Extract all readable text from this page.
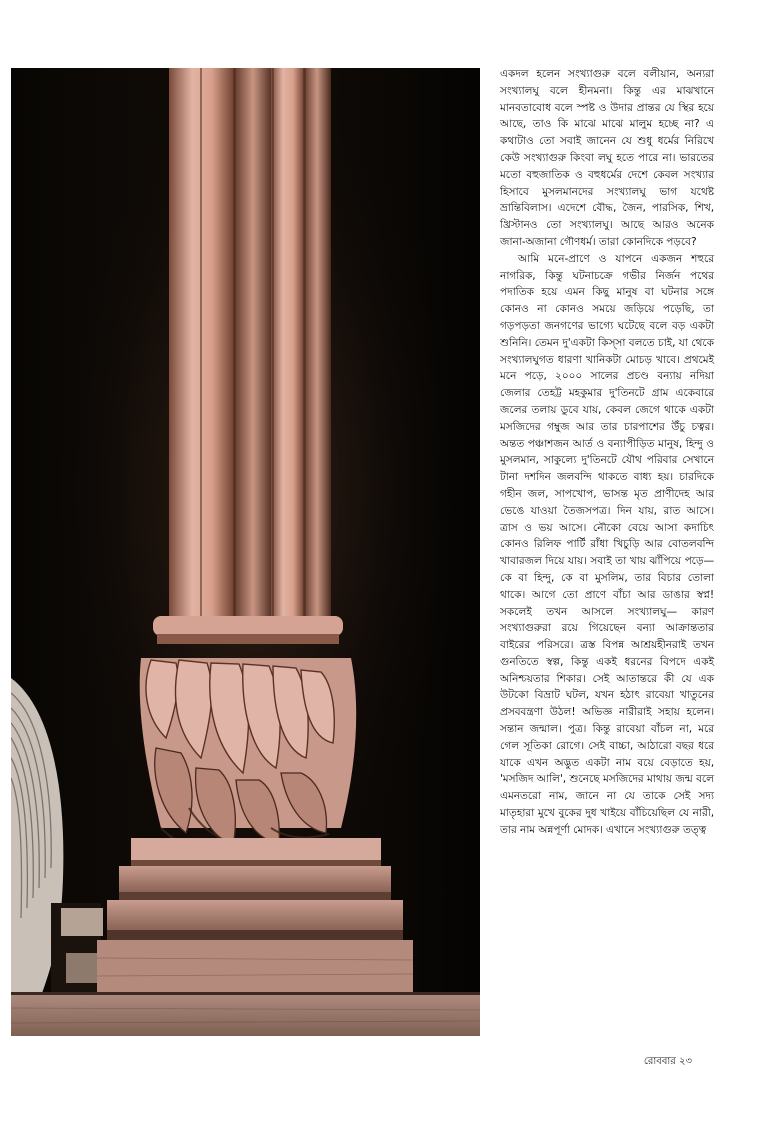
একদল হলেন সংখ্যাগুরু বলে বলীয়ান, অন্যরা সংখ্যালঘু বলে হীনমনা। কিন্তু এর মাঝখানে মানবতাবোধ বলে স্পষ্ট ও উদার প্রান্তর যে স্থির হয়ে আছে, তাও কি মাঝে মাঝে মালুম হচ্ছে না? এ কথাটাও তো সবাই জানেন যে শুধু ধর্মের নিরিখে কেউ সংখ্যাগুরু কিংবা লঘু হতে পারে না। ভারতের মতো বহুজাতিক ও বহুধর্মের দেশে কেবল সংখ্যার হিসাবে মুসলমানদের সংখ্যালঘু ভাগ যথেষ্ট ভ্রান্তিবিলাস। এদেশে বৌদ্ধ, জৈন, পারসিক, শিখ, খ্রিস্টানও তো সংখ্যালঘু। আছে আরও অনেক জানা-অজানা গৌণধর্ম। তারা কোনদিকে পড়বে?

আমি মনে-প্রাণে ও যাপনে একজন শহুরে নাগরিক, কিন্তু ঘটনাচক্রে গভীর নির্জন পথের পদাতিক হয়ে এমন কিছু মানুষ বা ঘটনার সঙ্গে কোনও না কোনও সময়ে জড়িয়ে পড়েছি, তা গড়পড়তা জনগণের ভাগ্যে ঘটেছে বলে বড় একটা শুনিনি। তেমন দু'একটা কিস্সা বলতে চাই, যা থেকে সংখ্যালঘুগত ধারণা খানিকটা মোচড় খাবে। প্রথমেই মনে পড়ে, ২০০০ সালের প্রচণ্ড বন্যায় নদিয়া জেলার তেহট্ট মহকুমার দু'তিনটে গ্রাম একেবারে জলের তলায় ডুবে যায়, কেবল জেগে থাকে একটা মসজিদের গম্বুজ আর তার চারপাশের উঁচু চত্বর। অন্তত পঞ্চাশজন আর্ত ও বন্যাপীড়িত মানুষ, হিন্দু ও মুসলমান, সাকুল্যে দু'তিনটে যৌথ পরিবার সেখানে টানা দশদিন জলবন্দি থাকতে বাধ্য হয়। চারদিকে গহীন জল, সাপখোপ, ভাসন্ত মৃত প্রাণীদেহ আর ভেঙে যাওয়া তৈজসপত্র। দিন যায়, রাত আসে। ত্রাস ও ভয় আসে। নৌকো বেয়ে আসা কদাচিৎ কোনও রিলিফ পার্টি রাঁধা খিচুড়ি আর বোতলবন্দি খাবারজল দিয়ে যায়। সবাই তা খায় ঝাঁপিয়ে পড়ে— কে বা হিন্দু, কে বা মুসলিম, তার বিচার তোলা থাকে। আগে তো প্রাণে বাঁচা আর ডাঙার স্বপ্ন! সকলেই তখন আসলে সংখ্যালঘু— কারণ সংখ্যাগুরুরা রয়ে গিয়েছেন বন্যা আক্রান্ততার বাইরের পরিসরে। ত্রস্ত বিপন্ন আশ্রয়হীনরাই তখন গুনতিতে স্বল্প, কিন্তু একই ধরনের বিপদে একই অনিশ্চয়তার শিকার। সেই আতান্তরে কী যে এক উটকো বিভ্রাট ঘটল, যখন হঠাৎ রাবেয়া খাতুনের প্রসববন্ত্রণা উঠল! অভিজ্ঞ নারীরাই সহায় হলেন। সন্তান জন্মাল। পুত্র। কিন্তু রাবেয়া বাঁচল না, মরে গেল সূতিকা রোগে। সেই বাচ্চা, আঠারো বছর ধরে যাকে এখন অদ্ভুত একটা নাম বয়ে বেড়াতে হয়, 'মসজিদ আলি', শুনেছে মসজিদের মাথায় জন্ম বলে এমনতরো নাম, জানে না যে তাকে সেই সদ্য মাতৃহারা মুখে বুকের দুধ খাইয়ে বাঁচিয়েছিল যে নারী, তার নাম অন্নপূর্ণা মোদক। এখানে সংখ্যাগুরু তত্ত্ব

রোববার ২৩
